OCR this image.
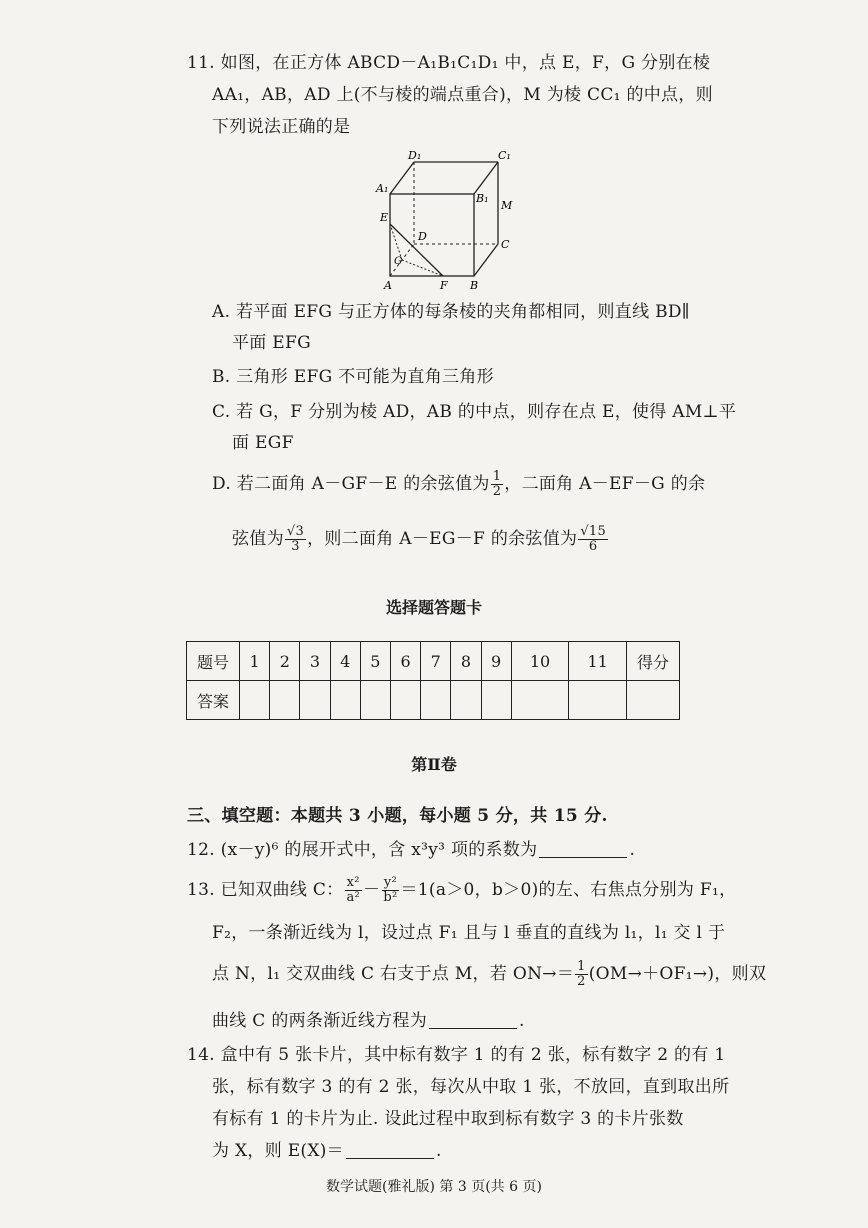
11. 如图，在正方体 ABCD－A₁B₁C₁D₁ 中，点 E，F，G 分别在棱
AA₁，AB，AD 上(不与棱的端点重合)，M 为棱 CC₁ 的中点，则
下列说法正确的是
D₁	C₁
A₁
B₁
M
E
D
C
G
A	F B
A. 若平面 EFG 与正方体的每条棱的夹角都相同，则直线 BD∥
平面 EFG
B. 三角形 EFG 不可能为直角三角形
C. 若 G，F 分别为棱 AD，AB 的中点，则存在点 E，使得 AM⊥平
面 EGF
D. 若二面角 A－GF－E 的余弦值为 $\frac{1}{2}$ ，二面角 A－EF－G 的余
弦值为 $\frac{√3}{3}$ ，则二面角 A－EG－F 的余弦值为 $\frac{√15}{6}$
选择题答题卡
题号	1	2	3	4	5	6	7	8	9	10	11	得分
答案												
第Ⅱ卷
三、填空题：本题共 3 小题，每小题 5 分，共 15 分.
12. (x－y)⁶ 的展开式中，含 x³y³ 项的系数为	.
13. 已知双曲线 C： $\frac{\text{x²}}{\text{a²}} - \frac{\text{y²}}{\text{b²}} =1(a>0$，b＞0)的左、右焦点分别为 F₁，
F₂，一条渐近线为 l，设过点 F₁ 且与 l 垂直的直线为 l₁，l₁ 交 l 于
点 N，l₁ 交双曲线 C 右支于点 M，若 $ON\to= \frac{1}{2} (OM\to+OF_1\to)$，则双
曲线 C 的两条渐近线方程为	.
14. 盒中有 5 张卡片，其中标有数字 1 的有 2 张，标有数字 2 的有 1
张，标有数字 3 的有 2 张，每次从中取 1 张，不放回，直到取出所
有标有 1 的卡片为止. 设此过程中取到标有数字 3 的卡片张数
为 X，则 E(X)＝	.
数学试题(雅礼版) 第 3 页(共 6 页)
